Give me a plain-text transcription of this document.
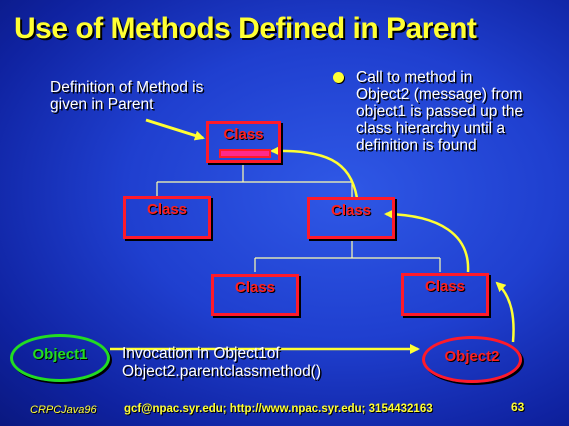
Use of Methods Defined in Parent
Definition of Method is
given in Parent
Call to method in
Object2 (message) from
object1 is passed up the
class hierarchy until a
definition is found
Class
Class	Class
Class	Class
Object1	Object2
Invocation in Object1of
Object2.parentclassmethod()
CRPCJava96 gcf@npac.syr.edu; http://www.npac.syr.edu; 3154432163	63
